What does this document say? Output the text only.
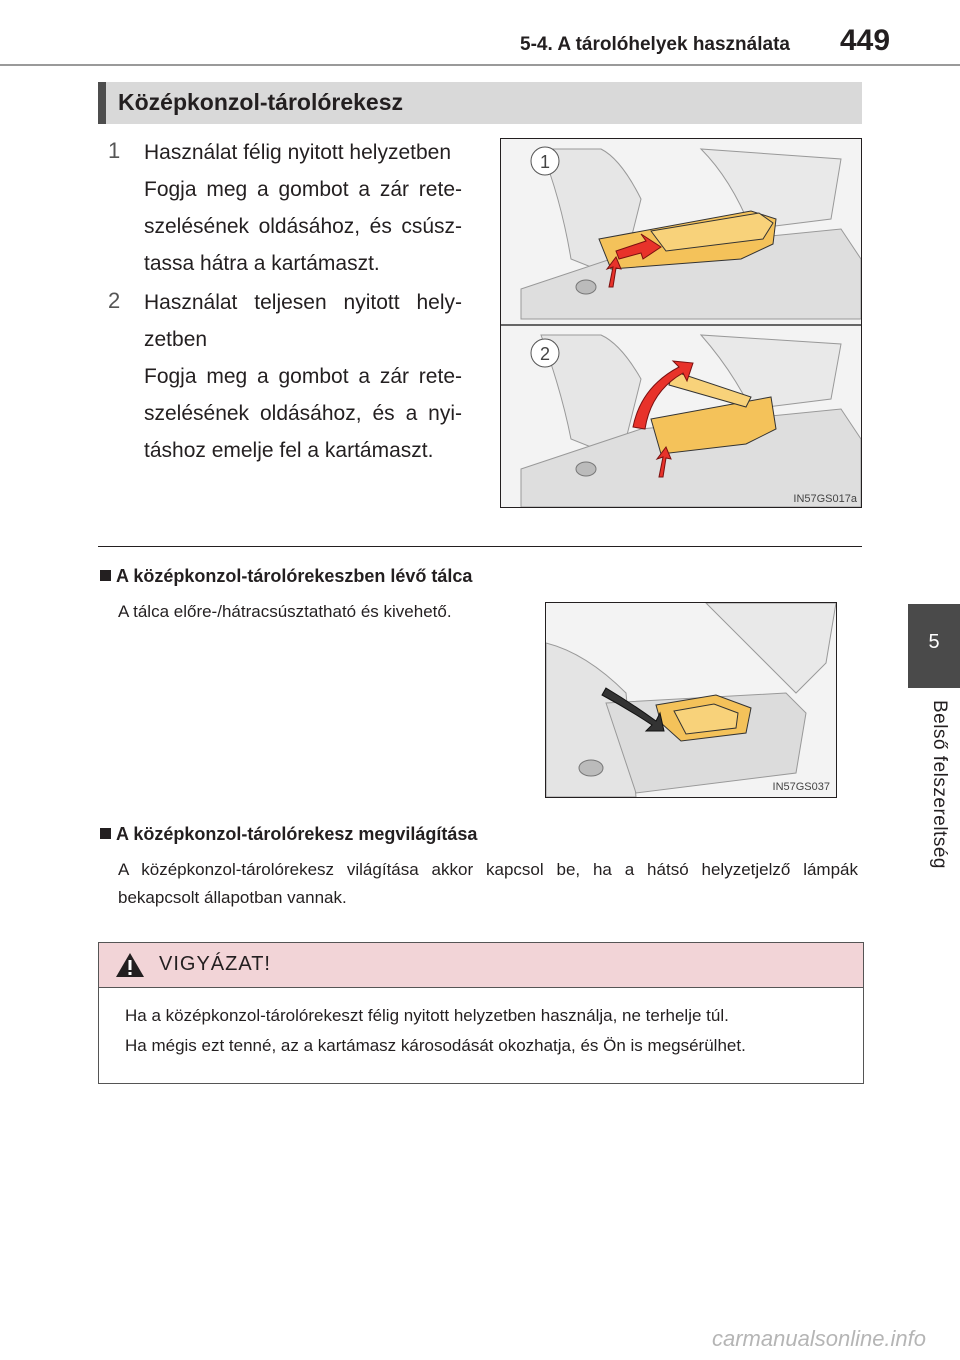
5-4. A tárolóhelyek használata 449
5
Belső felszereltség
Középkonzol-tárolórekesz
1 Használat félig nyitott helyzetben
Fogja meg a gombot a zár rete-szelésének oldásához, és csúsz-tassa hátra a kartámaszt.
2 Használat teljesen nyitott hely-zetben
Fogja meg a gombot a zár rete-szelésének oldásához, és a nyi-táshoz emelje fel a kartámaszt.
1
2
IN57GS017a
A középkonzol-tárolórekeszben lévő tálca
A tálca előre-/hátracsúsztatható és kivehető.
IN57GS037
A középkonzol-tárolórekesz megvilágítása
A középkonzol-tárolórekesz világítása akkor kapcsol be, ha a hátsó helyzetjelző lámpák bekapcsolt állapotban vannak.
VIGYÁZAT!
Ha a középkonzol-tárolórekeszt félig nyitott helyzetben használja, ne terhelje túl.
Ha mégis ezt tenné, az a kartámasz károsodását okozhatja, és Ön is megsérülhet.
carmanualsonline.info
